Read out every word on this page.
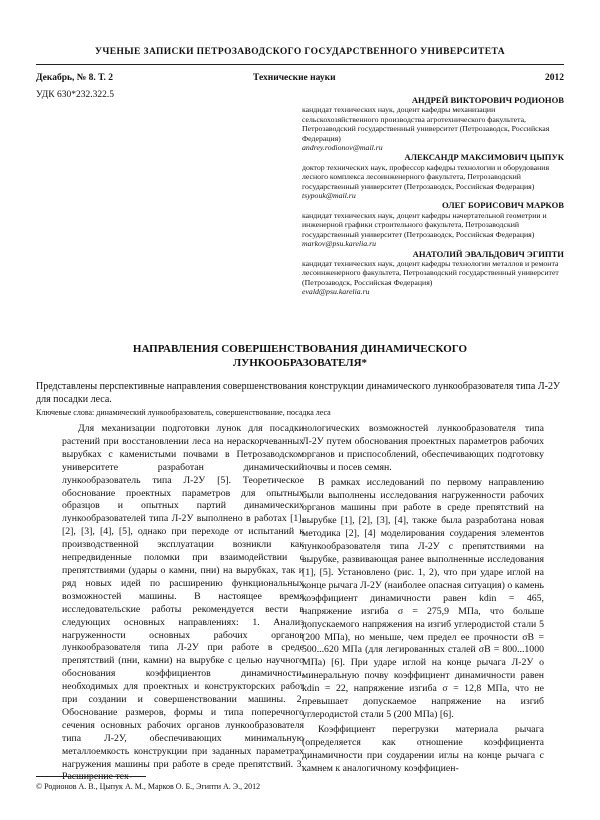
УЧЕНЫЕ ЗАПИСКИ ПЕТРОЗАВОДСКОГО ГОСУДАРСТВЕННОГО УНИВЕРСИТЕТА
Декабрь, № 8. Т. 2	Технические науки	2012
УДК 630*232.322.5	АНДРЕЙ ВИКТОРОВИЧ РОДИОНОВ
кандидат технических наук, доцент кафедры механизации сельскохозяйственного производства агротехнического факультета, Петрозаводский государственный университет (Петрозаводск, Российская Федерация)
andrey.rodionov@mail.ru
АЛЕКСАНДР МАКСИМОВИЧ ЦЫПУК
доктор технических наук, профессор кафедры технологии и оборудования лесного комплекса лесоинженерного факультета, Петрозаводский государственный университет (Петрозаводск, Российская Федерация)
tsypouk@mail.ru
ОЛЕГ БОРИСОВИЧ МАРКОВ
кандидат технических наук, доцент кафедры начертательной геометрии и инженерной графики строительного факультета, Петрозаводский государственный университет (Петрозаводск, Российская Федерация)
markov@psu.karelia.ru
АНАТОЛИЙ ЭВАЛЬДОВИЧ ЭГИПТИ
кандидат технических наук, доцент кафедры технологии металлов и ремонта лесоинженерного факультета, Петрозаводский государственный университет (Петрозаводск, Российская Федерация)
evald@psu.karelia.ru
НАПРАВЛЕНИЯ СОВЕРШЕНСТВОВАНИЯ ДИНАМИЧЕСКОГО
ЛУНКООБРАЗОВАТЕЛЯ*
Представлены перспективные направления совершенствования конструкции динамического лункообразователя типа Л-2У для посадки леса.
Ключевые слова: динамический лункообразователь, совершенствование, посадка леса

Для механизации подготовки лунок для посадки растений при восстановлении леса на нераскорчеванных вырубках с каменистыми почвами в Петрозаводском университете разработан динамический лункообразователь типа Л-2У [5]. Теоретическое обоснование проектных параметров для опытных образцов и опытных партий динамических лункообразователей типа Л-2У выполнено в работах [1], [2], [3], [4], [5], однако при переходе от испытаний к производственной эксплуатации возникли как непредвиденные поломки при взаимодействии с препятствиями (удары о камни, пни) на вырубках, так и ряд новых идей по расширению функциональных возможностей машины. В настоящее время исследовательские работы рекомендуется вести в следующих основных направлениях: 1. Анализ нагруженности основных рабочих органов лункообразователя типа Л-2У при работе в среде препятствий (пни, камни) на вырубке с целью научного обоснования коэффициентов динамичности, необходимых для проектных и конструкторских работ при создании и совершенствовании машины. 2. Обоснование размеров, формы и типа поперечного сечения основных рабочих органов лункообразователя типа Л-2У, обеспечивающих минимальную металлоемкость конструкции при заданных параметрах нагружения машины при работе в среде препятствий. 3. Расширение тех-

нологических возможностей лункообразователя типа Л-2У путем обоснования проектных параметров рабочих органов и приспособлений, обеспечивающих подготовку почвы и посев семян.

В рамках исследований по первому направлению были выполнены исследования нагруженности рабочих органов машины при работе в среде препятствий на вырубке [1], [2], [3], [4], также была разработана новая методика [2], [4] моделирования соударения элементов лункообразователя типа Л-2У с препятствиями на вырубке, развивающая ранее выполненные исследования [1], [5]. Установлено (рис. 1, 2), что при ударе иглой на конце рычага Л-2У (наиболее опасная ситуация) о камень коэффициент динамичности равен kdin = 465, напряжение изгиба σ = 275,9 МПа, что больше допускаемого напряжения на изгиб углеродистой стали 5 (200 МПа), но меньше, чем предел ее прочности σB = 500...620 МПа (для легированных сталей σB = 800...1000 МПа) [6]. При ударе иглой на конце рычага Л-2У о минеральную почву коэффициент динамичности равен kdin = 22, напряжение изгиба σ = 12,8 МПа, что не превышает допускаемое напряжение на изгиб углеродистой стали 5 (200 МПа) [6].

Коэффициент перегрузки материала рычага (определяется как отношение коэффициента динамичности при соударении иглы на конце рычага с камнем к аналогичному коэффициен-

© Родионов А. В., Цыпук А. М., Марков О. Б., Эгипти А. Э., 2012
